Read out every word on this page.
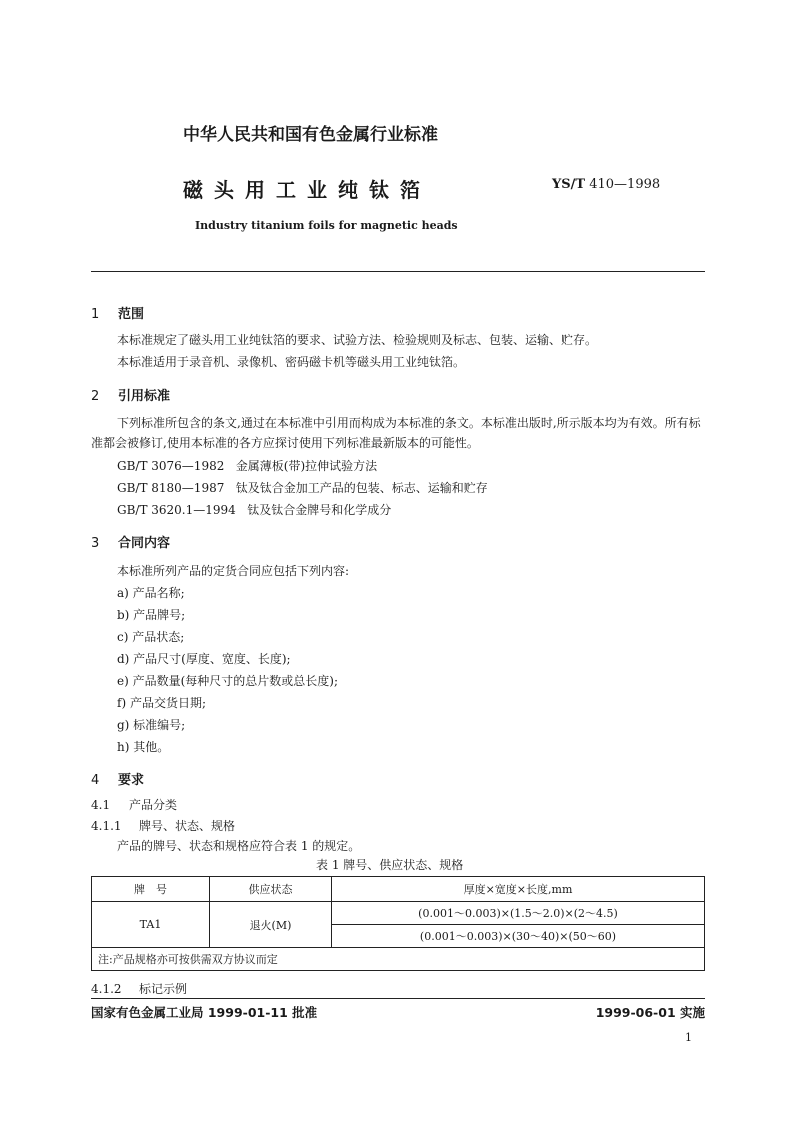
中华人民共和国有色金属行业标准
磁头用工业纯钛箔	YS/T 410—1998
Industry titanium foils for magnetic heads
1 范围
本标准规定了磁头用工业纯钛箔的要求、试验方法、检验规则及标志、包装、运输、贮存。
本标准适用于录音机、录像机、密码磁卡机等磁头用工业纯钛箔。
2 引用标准
下列标准所包含的条文,通过在本标准中引用而构成为本标准的条文。本标准出版时,所示版本均为有效。所有标准都会被修订,使用本标准的各方应探讨使用下列标准最新版本的可能性。
GB/T 3076—1982 金属薄板(带)拉伸试验方法
GB/T 8180—1987 钛及钛合金加工产品的包装、标志、运输和贮存
GB/T 3620.1—1994 钛及钛合金牌号和化学成分
3 合同内容
本标准所列产品的定货合同应包括下列内容:
a) 产品名称;
b) 产品牌号;
c) 产品状态;
d) 产品尺寸(厚度、宽度、长度);
e) 产品数量(每种尺寸的总片数或总长度);
f) 产品交货日期;
g) 标准编号;
h) 其他。
4 要求
4.1 产品分类
4.1.1 牌号、状态、规格
产品的牌号、状态和规格应符合表 1 的规定。
表 1 牌号、供应状态、规格
牌　号	供应状态	厚度×宽度×长度,mm
TA1	退火(M)	(0.001～0.003)×(1.5～2.0)×(2～4.5)
		(0.001～0.003)×(30～40)×(50～60)
注:产品规格亦可按供需双方协议而定		
4.1.2 标记示例
国家有色金属工业局 1999-01-11 批准	1999-06-01 实施
1
